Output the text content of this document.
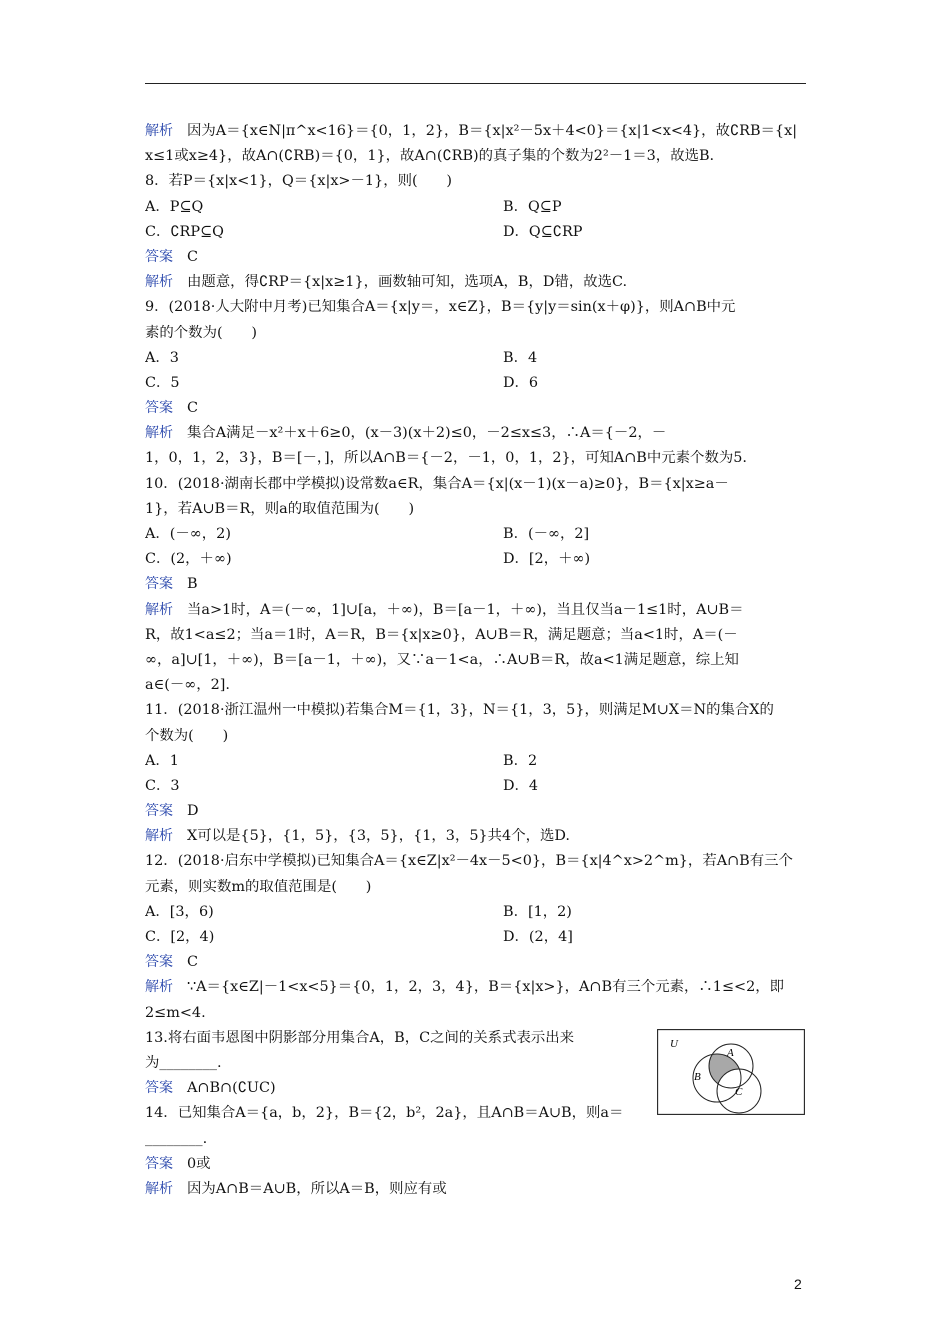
解析 因为A＝{x∈N|π^x<16}＝{0，1，2}，B＝{x|x²－5x＋4<0}＝{x|1<x<4}，故∁RB＝{x|
x≤1或x≥4}，故A∩(∁RB)＝{0，1}，故A∩(∁RB)的真子集的个数为2²－1＝3，故选B.
8．若P＝{x|x<1}，Q＝{x|x>－1}，则(　　)
A．P⊆Q	B．Q⊆P
C．∁RP⊆Q	D．Q⊆∁RP
答案 C
解析 由题意，得∁RP＝{x|x≥1}，画数轴可知，选项A，B，D错，故选C.
9．(2018·人大附中月考)已知集合A＝{x|y＝，x∈Z}，B＝{y|y＝sin(x＋φ)}，则A∩B中元
素的个数为(　　)
A．3	B．4
C．5	D．6
答案 C
解析 集合A满足－x²＋x＋6≥0，(x－3)(x＋2)≤0，－2≤x≤3，∴A＝{－2，－
1，0，1，2，3}，B＝[－，]，所以A∩B＝{－2，－1，0，1，2}，可知A∩B中元素个数为5.
10．(2018·湖南长郡中学模拟)设常数a∈R，集合A＝{x|(x－1)(x－a)≥0}，B＝{x|x≥a－
1}，若A∪B＝R，则a的取值范围为(　　)
A．(－∞，2)	B．(－∞，2]
C．(2，＋∞)	D．[2，＋∞)
答案 B
解析 当a>1时，A＝(－∞，1]∪[a，＋∞)，B＝[a－1，＋∞)，当且仅当a－1≤1时，A∪B＝
R，故1<a≤2；当a＝1时，A＝R，B＝{x|x≥0}，A∪B＝R，满足题意；当a<1时，A＝(－
∞，a]∪[1，＋∞)，B＝[a－1，＋∞)，又∵a－1<a，∴A∪B＝R，故a<1满足题意，综上知
a∈(－∞，2].
11．(2018·浙江温州一中模拟)若集合M＝{1，3}，N＝{1，3，5}，则满足M∪X＝N的集合X的
个数为(　　)
A．1	B．2
C．3	D．4
答案 D
解析 X可以是{5}，{1，5}，{3，5}，{1，3，5}共4个，选D.
12．(2018·启东中学模拟)已知集合A＝{x∈Z|x²－4x－5<0}，B＝{x|4^x>2^m}，若A∩B有三个
元素，则实数m的取值范围是(　　)
A．[3，6)	B．[1，2)
C．[2，4)	D．(2，4]
答案 C
解析 ∵A＝{x∈Z|－1<x<5}＝{0，1，2，3，4}，B＝{x|x>}，A∩B有三个元素，∴1≤<2，即
2≤m<4.
13.将右面韦恩图中阴影部分用集合A，B，C之间的关系式表示出来
为________.
答案 A∩B∩(∁UC)
14．已知集合A＝{a，b，2}，B＝{2，b²，2a}，且A∩B＝A∪B，则a＝
________.
答案 0或
解析 因为A∩B＝A∪B，所以A＝B，则应有或
U
A
B
C
2
